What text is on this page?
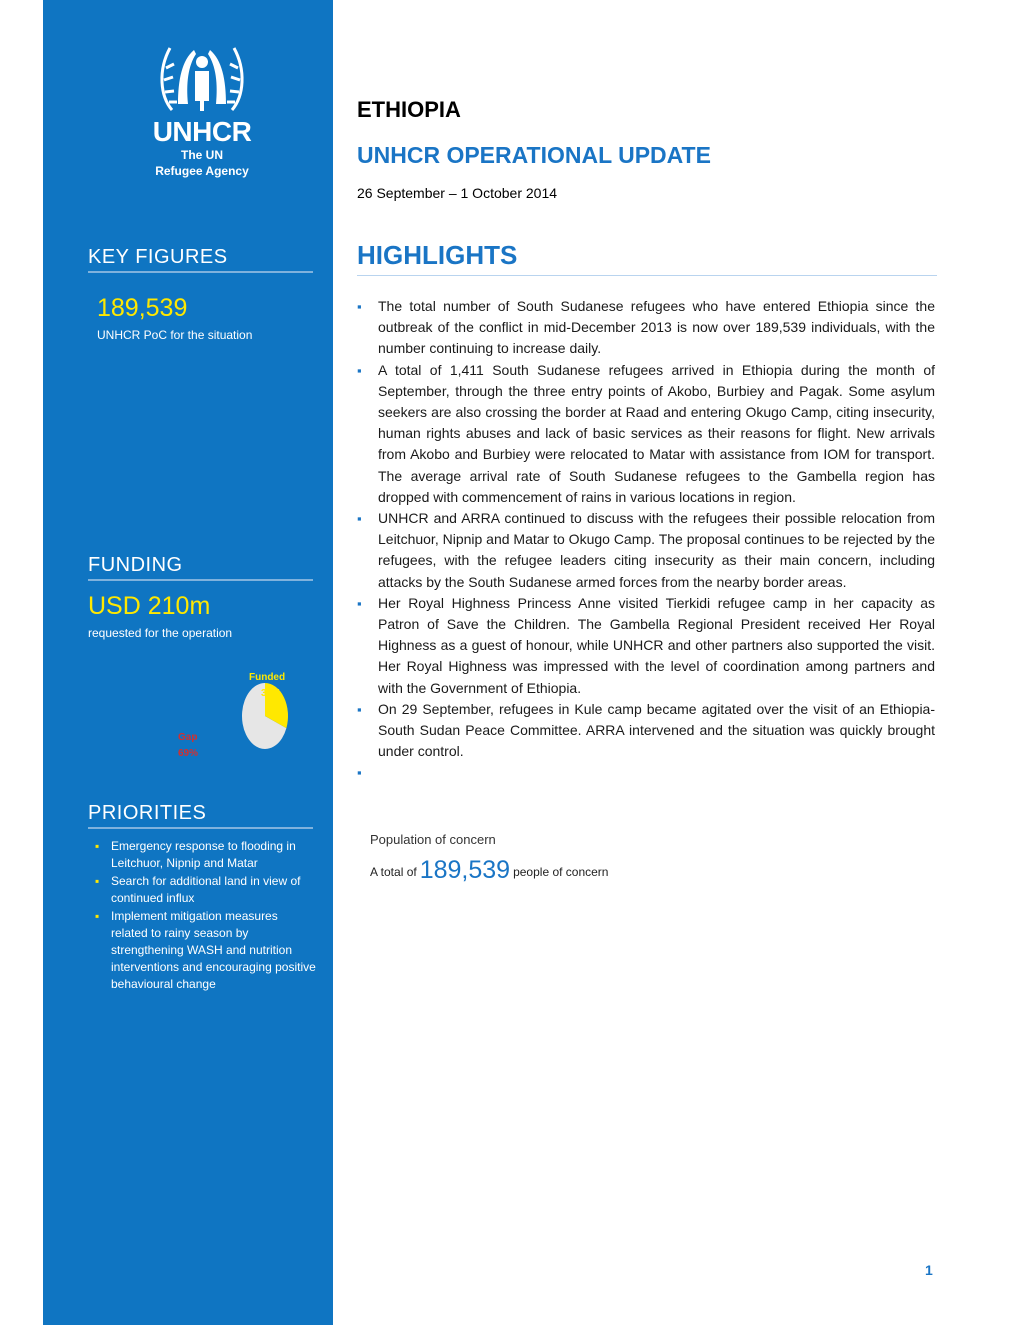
UNHCR
The UN
Refugee Agency
KEY FIGURES
189,539
UNHCR PoC for the situation
FUNDING
USD 210m
requested for the operation
Funded
31%
Gap
69%
PRIORITIES
▪ Emergency response to flooding in Leitchuor, Nipnip and Matar
▪ Search for additional land in view of continued influx
▪ Implement mitigation measures related to rainy season by strengthening WASH and nutrition interventions and encouraging positive behavioural change
ETHIOPIA
UNHCR OPERATIONAL UPDATE
26 September – 1 October 2014
HIGHLIGHTS
▪ The total number of South Sudanese refugees who have entered Ethiopia since the outbreak of the conflict in mid-December 2013 is now over 189,539 individuals, with the number continuing to increase daily.
▪ A total of 1,411 South Sudanese refugees arrived in Ethiopia during the month of September, through the three entry points of Akobo, Burbiey and Pagak. Some asylum seekers are also crossing the border at Raad and entering Okugo Camp, citing insecurity, human rights abuses and lack of basic services as their reasons for flight. New arrivals from Akobo and Burbiey were relocated to Matar with assistance from IOM for transport. The average arrival rate of South Sudanese refugees to the Gambella region has dropped with commencement of rains in various locations in region.
▪ UNHCR and ARRA continued to discuss with the refugees their possible relocation from Leitchuor, Nipnip and Matar to Okugo Camp. The proposal continues to be rejected by the refugees, with the refugee leaders citing insecurity as their main concern, including attacks by the South Sudanese armed forces from the nearby border areas.
▪ Her Royal Highness Princess Anne visited Tierkidi refugee camp in her capacity as Patron of Save the Children. The Gambella Regional President received Her Royal Highness as a guest of honour, while UNHCR and other partners also supported the visit. Her Royal Highness was impressed with the level of coordination among partners and with the Government of Ethiopia.
▪ On 29 September, refugees in Kule camp became agitated over the visit of an Ethiopia-South Sudan Peace Committee. ARRA intervened and the situation was quickly brought under control.
▪
Population of concern
A total of 189,539 people of concern
1
